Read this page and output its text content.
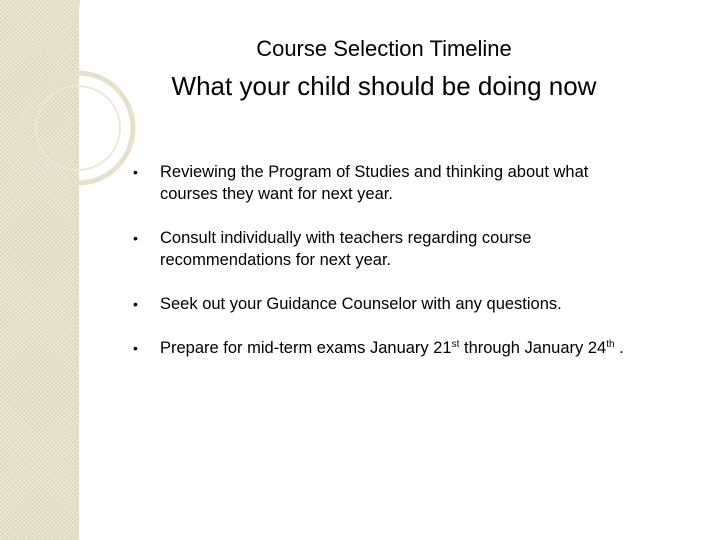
Course Selection Timeline
What your child should be doing now
• Reviewing the Program of Studies and thinking about what courses they want for next year.
• Consult individually with teachers regarding course recommendations for next year.
• Seek out your Guidance Counselor with any questions.
• Prepare for mid-term exams January 21st through January 24th .
